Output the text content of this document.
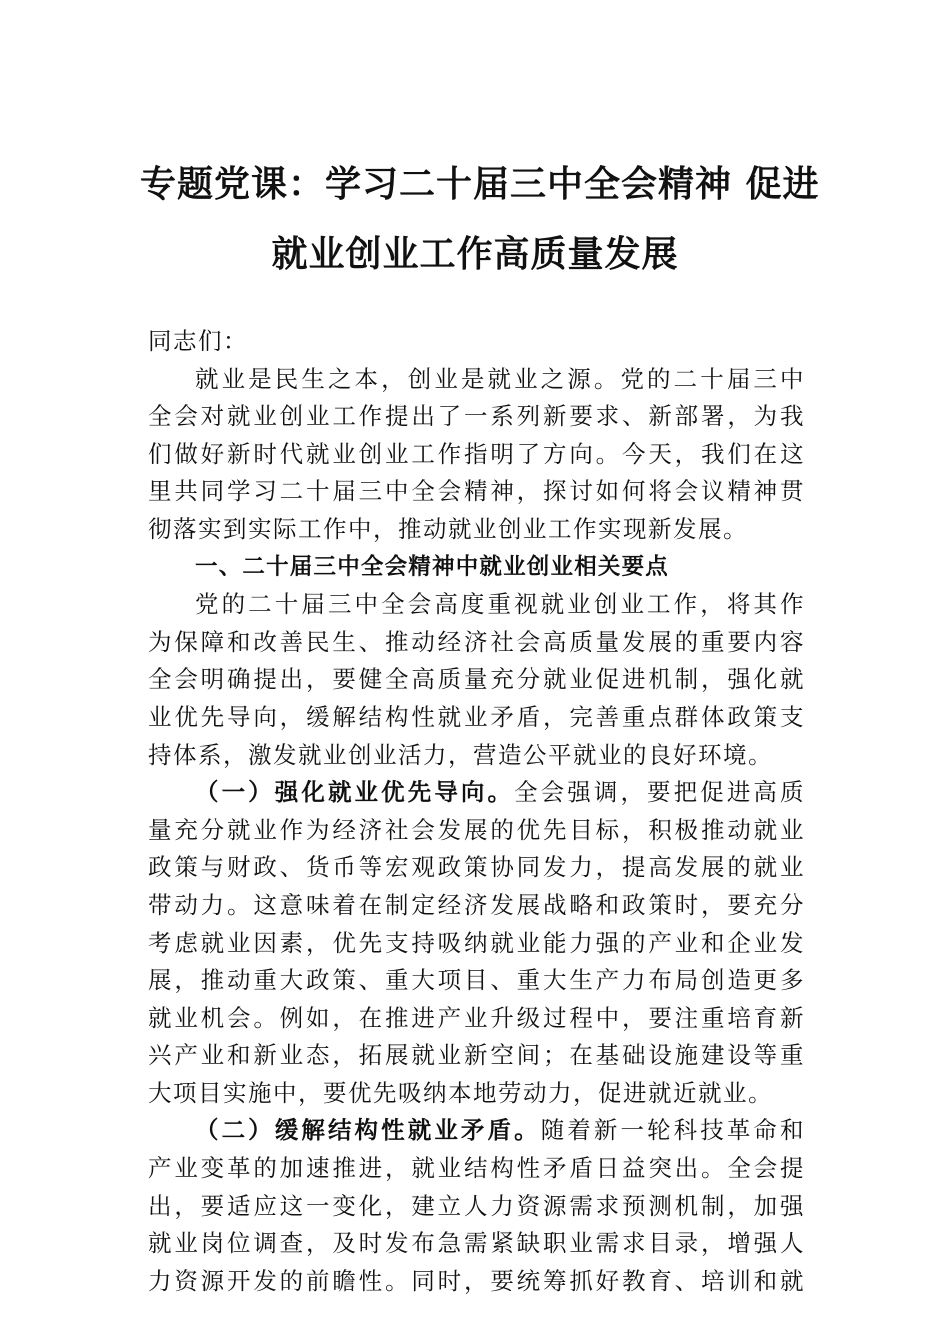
专题党课：学习二十届三中全会精神 促进
就业创业工作高质量发展
同志们：
就业是民生之本，创业是就业之源。党的二十届三中
全会对就业创业工作提出了一系列新要求、新部署，为我
们做好新时代就业创业工作指明了方向。今天，我们在这
里共同学习二十届三中全会精神，探讨如何将会议精神贯
彻落实到实际工作中，推动就业创业工作实现新发展。
一、二十届三中全会精神中就业创业相关要点
党的二十届三中全会高度重视就业创业工作，将其作
为保障和改善民生、推动经济社会高质量发展的重要内容
全会明确提出，要健全高质量充分就业促进机制，强化就
业优先导向，缓解结构性就业矛盾，完善重点群体政策支
持体系，激发就业创业活力，营造公平就业的良好环境。
（一）强化就业优先导向。全会强调，要把促进高质
量充分就业作为经济社会发展的优先目标，积极推动就业
政策与财政、货币等宏观政策协同发力，提高发展的就业
带动力。这意味着在制定经济发展战略和政策时，要充分
考虑就业因素，优先支持吸纳就业能力强的产业和企业发
展，推动重大政策、重大项目、重大生产力布局创造更多
就业机会。例如，在推进产业升级过程中，要注重培育新
兴产业和新业态，拓展就业新空间；在基础设施建设等重
大项目实施中，要优先吸纳本地劳动力，促进就近就业。
（二）缓解结构性就业矛盾。随着新一轮科技革命和
产业变革的加速推进，就业结构性矛盾日益突出。全会提
出，要适应这一变化，建立人力资源需求预测机制，加强
就业岗位调查，及时发布急需紧缺职业需求目录，增强人
力资源开发的前瞻性。同时，要统筹抓好教育、培训和就
